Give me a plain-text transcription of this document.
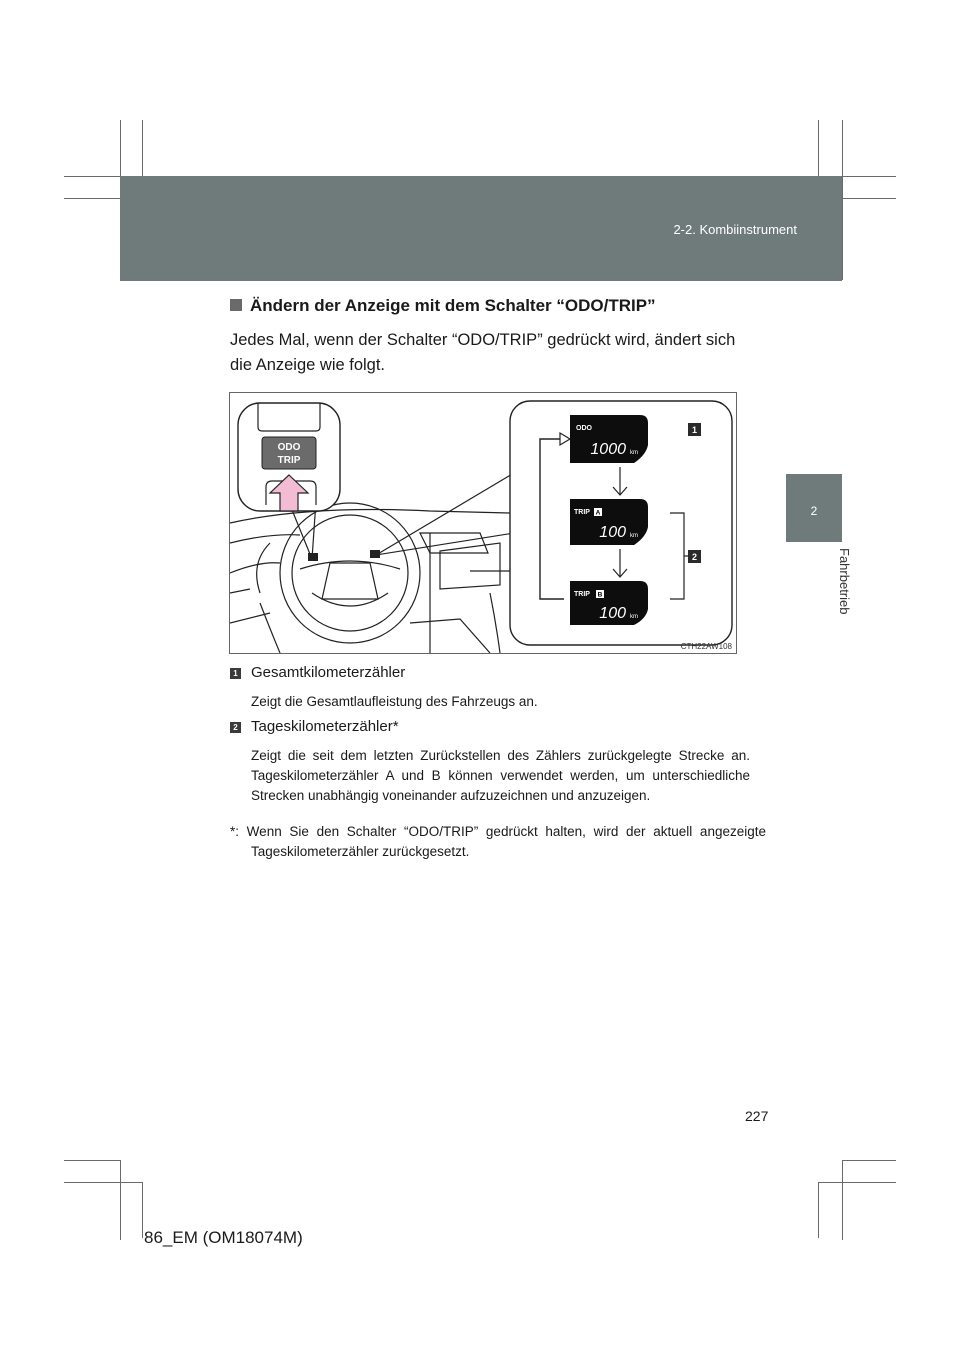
2-2. Kombiinstrument
2
Fahrbetrieb
Ändern der Anzeige mit dem Schalter “ODO/TRIP”
Jedes Mal, wenn der Schalter “ODO/TRIP” gedrückt wird, ändert sich die Anzeige wie folgt.
ODO
TRIP
ODO
1000 km
TRIP A
100 km
TRIP B
100 km
1
2
CTH22AW108
1 Gesamtkilometerzähler
Zeigt die Gesamtlaufleistung des Fahrzeugs an.
2 Tageskilometerzähler*
Zeigt die seit dem letzten Zurückstellen des Zählers zurückgelegte Strecke an. Tageskilometerzähler A und B können verwendet werden, um unterschiedliche Strecken unabhängig voneinander aufzuzeichnen und anzuzeigen.
*: Wenn Sie den Schalter “ODO/TRIP” gedrückt halten, wird der aktuell angezeigte Tageskilometerzähler zurückgesetzt.
227
86_EM (OM18074M)
